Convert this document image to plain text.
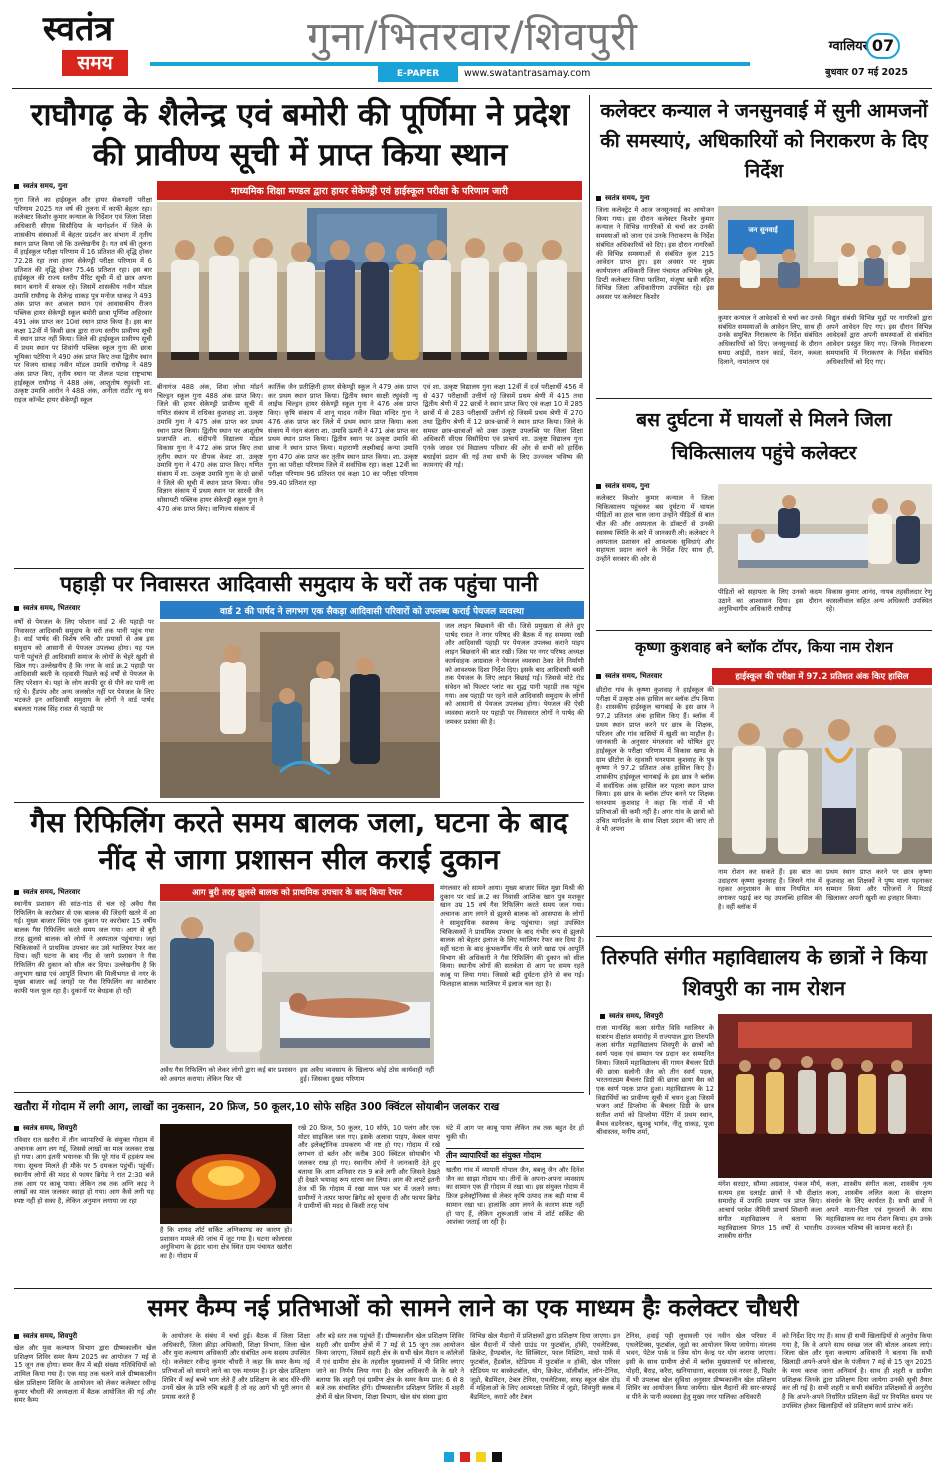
स्वतंत्र
समय
गुना/भितरवार/शिवपुरी
E-PAPER	www.swatantrasamay.com
ग्वालियर 07
बुधवार 07 मई 2025
राघौगढ़ के शैलेन्द्र एवं बमोरी की पूर्णिमा ने प्रदेश की प्रावीण्य सूची में प्राप्त किया स्थान
स्वतंत्र समय, गुना
गुना जिले का हाईस्कूल और हायर सेकण्डरी परीक्षा परिणाम 2025 गत वर्ष की तुलना में काफी बेहतर रहा। कलेक्टर किशोर कुमार कन्याल के निर्देशन एवं जिला शिक्षा अधिकारी सीएस सिसौदिया के मार्गदर्शन में जिले के शासकीय संस्थाओं में बेहतर प्रदर्शन कर संभाग में तृतीय स्थान प्राप्त किया जो कि उल्लेखनीय है। गत वर्ष की तुलना में हाईस्कूल परीक्षा परिणाम में 16 प्रतिशत की वृद्धि होकर 72.28 रहा तथा हायर सेकेण्ड्री परीक्षा परिणाम में 6 प्रतिशत की वृद्धि होकर 75.46 प्रतिशत रहा। इस बार हाईस्कूल की राज्य स्तरीय मैरिट सूची में दो छात्र अपना स्थान बनाने में सफल रहे। जिसमें शासकीय नवीन मॉडल उमावि राघौगढ़ के शैलेन्द्र धाकड़ पुत्र मनोज धाकड़ ने 493 अंक प्राप्त कर अव्वल स्थान एवं आवासकीय रीजन पब्लिक हायर सेकेण्ड्री स्कूल बमोरी छात्रा पूर्णिमा अहिरवार 491 अंक प्राप्त कर 10वां स्थान प्राप्त किया है। इस बार कक्षा 12वीं में किसी छात्र द्वारा राज्य स्तरीय प्रावीण्य सूची में स्थान प्राप्त नहीं किया। जिले की हाईस्कूल प्रावीण्य सूची में प्रथम स्थान पर शिवांगी पब्लिक स्कूल गुना की छात्रा भूमिका पटेरिया ने 490 अंक प्राप्त किए तथा द्वितीय स्थान पर विजय धाकड़ नवीन मॉडल उमावि राघौगढ़ ने 489 अंक प्राप्त किए, तृतीय स्थान पर शैलज पटवा राष्ट्रभाषा हाईस्कूल राघौगढ़ ने 488 अंक, आशुतोष रघुवंशी शा. उत्कृष्ट उमावि आरोन ने 488 अंक, अनीता राठौर न्यू सन राइज कॉन्वेंट हायर सेकेण्ड्री स्कूल
माध्यमिक शिक्षा मण्डल द्वारा हायर सेकेण्ड्री एवं हाईस्कूल परीक्षा के परिणाम जारी
बीनागंज 488 अंक, शिवा लोधा मॉडर्न चिल्ड्रन स्कूल गुना 488 अंक प्राप्त किए। जिले की हायर सेकेण्ड्री प्रावीण्य सूची में गणित संकाय में राधिका कुशवाह शा. उत्कृष्ट उमावि गुना ने 475 अंक प्राप्त कर प्रथम स्थान प्राप्त किया। द्वितीय स्थान पर आशुतोष प्रजापति शा. संदीपनी विद्यालय मॉडल विकास गुना ने 472 अंक प्राप्त किए तथा तृतीय स्थान पर दीपक केवट शा. उत्कृष्ट उमावि गुना ने 470 अंक प्राप्त किए। गणित संकाय में शा. उत्कृष्ट उमावि गुना के दो छात्रों ने जिले की सूची में स्थान प्राप्त किया। जीव विज्ञान संकाय में प्रथम स्थान पर सारवी जैन सोसायटी पब्लिक हायर सेकेण्ड्री स्कूल गुना ने 470 अंक प्राप्त किए। वाणिज्य संकाय में
कार्तिक जैन प्रतीक्षिनी हायर सेकेण्ड्री स्कूल ने 479 अंक प्राप्त कर प्रथम स्थान प्राप्त किया। द्वितीय स्थान साक्षी रघुवंशी न्यू लाईफ चिल्ड्रन हायर सेकेण्ड्री स्कूल गुना ने 476 अंक प्राप्त किए। कृषि संकाय में शानू यादव नवीन विद्या मन्दिर गुना ने 476 अंक प्राप्त कर जिले में प्रथम स्थान प्राप्त किया। कला संकाय में नंदन बंजारा शा. उमावि ऊमरी ने 471 अंक प्राप्त कर प्रथम स्थान प्राप्त किया। द्वितीय स्थान पर उत्कृष्ट उमावि की छात्रा ने स्थान प्राप्त किया। महाराणी लक्ष्मीबाई कन्या उमावि गुना 470 अंक प्राप्त कर तृतीय स्थान प्राप्त किया। शा. उत्कृष्ट गुना का परीक्षा परिणाम जिले में सर्वाधिक रहा। कक्षा 12वीं का परीक्षा परिणाम 96 प्रतिशत एवं कक्षा 10 का परीक्षा परिणाम 99.40 प्रतिशत रहा
एवं शा. उत्कृष्ट विद्यालय गुना कक्षा 12वीं में दर्ज परीक्षार्थी 456 में से 437 परीक्षार्थी उत्तीर्ण रहे जिसमें प्रथम श्रेणी में 415 तथा द्वितीय श्रेणी में 22 छात्रों ने स्थान प्राप्त किए एवं कक्षा 10 में 285 छात्रों में से 283 परीक्षार्थी उत्तीर्ण रहे जिसमें प्रथम श्रेणी में 270 तथा द्वितीय श्रेणी में 12 छात्र-छात्रों ने स्थान प्राप्त किया। जिले के समस्त छात्र-छात्राओं को उक्त उत्कृष्ट उपलब्धि पर जिला शिक्षा अधिकारी सीएस सिसौदिया एवं प्राचार्य शा. उत्कृष्ट विद्यालय गुना एनके जादव एवं विद्यालय परिवार की ओर से सभी को हार्दिक बधाईयां प्रदान की गई तथा सभी के लिए उज्ज्वल भविष्य की कामनाएं की गई।
कलेक्टर कन्याल ने जनसुनवाई में सुनी आमजनों की समस्याएं, अधिकारियों को निराकरण के दिए निर्देश
स्वतंत्र समय, गुना
जिला कलेक्ट्रेट में आज जनसुनवाई का आयोजन किया गया। इस दौरान कलेक्टर किशोर कुमार कन्याल ने विभिन्न नागरिकों से चर्चा कर उनकी समस्याओं को जाना एवं उनके निराकरण के निर्देश संबंधित अधिकारियों को दिए। इस दौरान नागरिकों की विभिन्न समस्याओं से संबंधित कुल 215 आवेदन प्राप्त हुए। इस अवसर पर मुख्य कार्यपालन अधिकारी जिला पंचायत अभिषेक दुबे, डिप्टी कलेक्टर जिया फातिमा, मंजूषा खत्री सहित विभिन्न जिला अधिकारीगण उपस्थित रहे। इस अवसर पर कलेक्टर किशोर
जन सुनवाई
कुमार कन्याल ने आवेदकों से चर्चा कर उनसे संबंधित समस्याओं के आवेदन लिए, साथ ही उनके समुचित निराकरण के निर्देश संबंधित अधिकारियों को दिए। जनसुनवाई के दौरान समग्र आईडी, राशन कार्ड, पेंशन, कब्जा दिलाने, नामांतरण एवं
विद्युत संबंधी विभिन्न मुद्दों पर नागरिकों द्वारा अपने आवेदन दिए गए। इस दौरान विभिन्न आवेदकों द्वारा अपनी समस्याओं से संबंधित आवेदन प्रस्तुत किए गए। जिनके निराकरण समयावधि में निराकरण के निर्देश संबंधित अधिकारियों को दिए गए।
बस दुर्घटना में घायलों से मिलने जिला चिकित्सालय पहुंचे कलेक्टर
स्वतंत्र समय, गुना
कलेक्टर किशोर कुमार कन्याल ने जिला चिकित्सालय पहुंचकर बस दुर्घटना में घायल पीड़ितों का हाल चाल जाना उन्होंने पीड़ितों से बात चीत की और अस्पताल के डॉक्टरों से उनकी स्वास्थ्य स्थिति के बारे में जानकारी ली। कलेक्टर ने अस्पताल प्रशासन को आवश्यक सुविधाएं और सहायता प्रदान करने के निर्देश दिए साथ ही, उन्होंने सरकार की ओर से
पीड़ितों को सहायता के लिए उनको कदम उठाने का आश्वासन दिया। इस दौरान अनुविभागीय अधिकारी राघौगढ़
विकास कुमार आनंद, नायब तहसीलदार रेणु कासलीवाल सहित अन्य अधिकारी उपस्थित रहे।
पहाड़ी पर निवासरत आदिवासी समुदाय के घरों तक पहुंचा पानी
स्वतंत्र समय, भितरवार	वार्ड 2 की पार्षद ने लगभग एक सैकड़ा आदिवासी परिवारों को उपलब्ध कराई पेयजल व्यवस्था
वर्षों से पेयजल के लिए परेशान वार्ड 2 की पहाड़ी पर निवासरत आदिवासी समुदाय के घरों तक पानी पहुंच गया है। वार्ड पार्षद की विशेष रुचि और प्रयासों से अब इस समुदाय को आसानी से पेयजल उपलब्ध होगा। यह पल पानी पहुंचते ही आदिवासी समाज के लोगों के चेहरे खुशी से खिल गए। उल्लेखनीय है कि नगर के वार्ड क्र.2 पहाड़ी पर आदिवासी बस्ती के रहवासी पिछले कई वर्षों से पेयजल के लिए परेशान थे। यहां के लोग काफी दूर से पीने का पानी ला रहे थे। हैंडपंप और अन्य जलस्रोत नहीं पर पेयजल के लिए भटकते इन आदिवासी समुदाय के लोगों ने वार्ड पार्षद बबलता गजब सिंह रावत से पहाड़ी पर
जल लाइन बिछवाने की थी। जिसे प्रमुखता से लेते हुए पार्षद रावत ने नगर परिषद की बैठक में यह समस्या रखी और आदिवासी पहाड़ी पर पेयजल उपलब्ध कराने पाइप लाइन बिछवाने की बात रखी। जिस पर नगर परिषद अध्यक्ष कार्यवाहक आग्रवाल ने पेयजल व्यवस्था ठेका देने निर्माणी को आवश्यक दिशा निर्देश दिए। इसके बाद आदिवासी बस्ती तक पेयजल के लिए लाइन बिछाई गई। जिससे मोटे रोड संवेदन को फिल्टर प्लांट का शुद्ध पानी पहाड़ी तक पहुंच गया। अब पहाड़ी पर रहने वाले आदिवासी समुदाय के लोगों को आसानी से पेयजल उपलब्ध होगा। पेयजल की ऐसी व्यवस्था कराने पर पहाड़ी पर निवासरत लोगों ने पार्षद की जमकर प्रशंसा की है।
कृष्णा कुशवाह बने ब्लॉक टॉपर, किया नाम रोशन
स्वतंत्र समय, भितरवार	हाईस्कूल की परीक्षा में 97.2 प्रतिशत अंक किए हासिल
छीटोरा गांव के कृष्णा कुशवाह ने हाईस्कूल की परीक्षा में उत्कृष्ट अंक हासिल कर ब्लॉक टॉप किया है। शासकीय हाईस्कूल चागबाई के इस छात्र ने 97.2 प्रतिशत अंक हासिल किए हैं। ब्लॉक में प्रथम स्थान प्राप्त करने पर छात्र के शिक्षक, परिजन और गांव वासियों में खुशी का माहौल है। जानकारी के अनुसार मंगलवार को घोषित हुए हाईस्कूल के परीक्षा परिणाम में विकास खण्ड के ग्राम छीटोरा के रहवासी घनश्याम कुशवाह के पुत्र कृष्णा ने 97.2 प्रतिशत अंक हासिल किए हैं। शासकीय हाईस्कूल चागबाई के इस छात्र ने ब्लॉक में सर्वाधिक अंक हासिल कर पहला स्थान प्राप्त किया। इस छात्र के ब्लॉक टॉपर बनने पर शिक्षक घनश्याम कुशवाह ने कहा कि गांवों में भी प्रतिभाओं की कमी नहीं है। अगर गांव के छात्रों को उचित मार्गदर्शन के साथ शिक्षा प्रदान की जाए तो वे भी अपना
नाम रोशन कर सकते हैं। इस बात का उदाहरण कृष्णा कुशवाह है। जिसने गांव में रहकर अनुशासन के साथ नियमित मन लगाकर पढ़ाई कर यह उपलब्धि हासिल की है। वहीं ब्लॉक में
प्रथम स्थान प्राप्त करने पर छात्र कृष्णा कुशवाह का शिक्षकों ने पुष्प माला पहनाकर सम्मान किया और परिजनों ने मिठाई खिलाकर अपनी खुशी का इजहार किया।
गैस रिफिलिंग करते समय बालक जला, घटना के बाद नींद से जागा प्रशासन सील कराई दुकान
स्वतंत्र समय, भितरवार
स्थानीय प्रशासन की सांठ-गांठ से चल रहे अवैध गैस रिफिलिंग के कारोबार से एक बालक की जिंदगी खतरे में आ गई। मुख्य बाजार स्थित एक दुकान पर कारोबार 15 वर्षीय बालक गैस रिफिलिंग करते समय जल गया। आग से बुरी तरह झुलसे बालक को लोगों ने अस्पताल पहुंचाया। जहां चिकित्सकों ने प्राथमिक उपचार कर उसे ग्वालियर रेफर कर दिया। वहीं घटना के बाद नींद से जागे प्रशासन ने गैस रिफिलिंग की दुकान को सील कर दिया। उल्लेखनीय है कि अनुभाग खाद्य एवं आपूर्ति विभाग की मिलीभगत से नगर के मुख्य बाजार कई जगहों पर गैस रिफिलिंग का कारोबार काफी फल फूल रहा है। दुकानों पर बेधड़क हो रही
आग बुरी तरह झुलसे बालक को प्राथमिक उपचार के बाद किया रेफर
अवैध गैस रिफिलिंग को लेकर लोगों द्वारा कई बार प्रशासन को अवगत कराया। लेकिन फिर भी
इस अवैध व्यवसाय के खिलाफ कोई ठोस कार्यवाही नहीं हुई। जिसका दुखद परिणाम
मंगलवार को सामने आया। मुख्य बाजार स्थित मुन्ना मिश्री की दुकान पर वार्ड क्र.2 का निवासी आशिक खान पुत्र मशकूर खान उम्र 15 वर्ष गैस रिफिलिंग करते समय जल गया। अचानक आग लगने से झुलसे बालक को आसपास के लोगों ने सामुदायिक स्वास्थ्य केन्द्र पहुंचाया। जहां उपस्थित चिकित्सकों ने प्राथमिक उपचार के बाद गंभीर रूप से झुलसे बालक को बेहतर इलाज के लिए ग्वालियर रेफर कर दिया है। वहीं घटना के बाद कुंभकर्णीय नींद से जागे खाद्य एवं आपूर्ति विभाग की अधिकारी ने गैस रिफिलिंग की दुकान को सील किया। स्थानीय लोगों की सतर्कता से आग पर समय रहते काबू पा लिया गया। जिससे बड़ी दुर्घटना होने से बच गई। फिलहाल बालक ग्वालियर में इलाज चल रहा है।
तिरुपति संगीत महाविद्यालय के छात्रों ने किया शिवपुरी का नाम रोशन
स्वतंत्र समय, शिवपुरी
राजा मानसिंह कला संगीत विवि ग्वालियर के सत्रारंभ दीक्षांत समारोह में राज्यपाल द्वारा तिरुपति कला संगीत महाविद्यालय शिवपुरी के छात्रों को स्वर्ण पदक एवं सम्मान पत्र प्रदान कर सम्मानित किया। जिसमें महाविद्यालय की गायन बैचलर डिग्री की छात्रा सलोनी जैन को तीन स्वर्ण पदक, भरतनाट्यम बैचलर डिग्री की छात्रा छाया बैस को एक स्वर्ण पदक प्राप्त हुआ। महाविद्यालय के 12 विद्यार्थियों का प्रावीण्य सूची में चयन हुआ जिसमें भजन आर्ट डिप्लोमा के बैचलर डिग्री के छात्र सतीश शर्मा को डिप्लोमा पेंटिंग में प्रथम स्थान, बैभव वडनेरकर, खुशबु भार्गव, नीतू धाकड़, पूजा श्रीवास्तव, मनीष शर्मा,
मंगेश सरदार, सौम्या अग्रवाल, पंकज मौर्य, सत्यम हस दलाईट छात्रों ने भी दीक्षांत समारोह में उपाधि प्रमाण पत्र प्राप्त किए। आचार्य परवेश जैमिनी प्राचार्य शिवानी कला संगीत महाविद्यालय ने बताया कि महाविद्यालय विगत 15 वर्षों से भारतीय शास्त्रीय संगीत
कला, शास्त्रीय संगीत कला, शास्त्रीय नृत्य कला, शास्त्रीय ललित कला के संरक्षण संवर्धन के लिए कार्यरत है। सभी छात्रों ने अपने माता-पिता एवं गुरुजनों के साथ महाविद्यालय का नाम रोशन किया। हम उनके उज्ज्वल भविष्य की कामना करते हैं।
खतौरा में गोदाम में लगी आग, लाखों का नुकसान, 20 फ्रिज, 50 कूलर,10 सोफे सहित 300 क्विंटल सोयाबीन जलकर राख
स्वतंत्र समय, शिवपुरी
रविवार रात खतौरा में तीन व्यापारियों के संयुक्त गोदाम में अचानक आग लग गई, जिससे लाखों का माल जलकर राख हो गया। आग इतनी भयानक थी कि पूरे गांव में हड़कंप मच गया। सूचना मिलते ही मौके पर 5 दमकल पहुंचीं। पहुंचीं। स्थानीय लोगों की मदद से फायर ब्रिगेड ने रात 2:30 बजे तक आग पर काबू पाया। लेकिन तब तक अग्नि काड़ ने लाखों का माल जलकर स्वाहा हो गया। आग कैसे लगी यह स्पष्ट नहीं हो सका है, लेकिन अनुमान लगाया जा रहा
है कि शायद शॉर्ट सर्किट अग्निकाण्ड का कारण हो। प्रशासन मामले की जांच में जुट गया है। घटना कोलारस अनुविभाग के इंदार थाना क्षेत्र स्थित ग्राम पंचायत खतौरा का है। गोदाम में
रखे 20 फ्रिज, 50 कूलर, 10 सोफे, 10 पलंग और एक मोटर साइकिल जल गए। इसके अलावा पाइप, केबल वायर और इलेक्ट्रॉनिक उपकरण भी नष्ट हो गए। गोदाम में रखे लगभग दो बर्तन और करीब 300 क्विंटल सोयाबीन भी जलकर राख हो गए। स्थानीय लोगों ने जानकारी देते हुए बताया कि आग शनिवार रात 9 बजे लगी और जिसने देखते ही देखते भयावह रूप धारण कर लिया। आग की लपटें इतनी तेज थीं कि गोदाम में रखा माल पल भर में जलने लगा। ग्रामीणों ने तत्पर फायर ब्रिगेड को सूचना दी और फायर ब्रिगेड ने ग्रामीणों की मदद से किसी तरह पांच
घंटे में आग पर काबू पाया लेकिन तब तक बहुत देर हो चुकी थी।
तीन व्यापारियों का संयुक्त गोदाम
खतौरा गांव में व्यापारी गोपाल जैन, बबलू जैन और दिनेश जैन का साझा गोदाम था। तीनों के अपना-अपना व्यवसाय का सामान एक ही गोदाम में रखा था। इस संयुक्त गोदाम में फ्रिज इलेक्ट्रॉनिक्स से लेकर कृषि उत्पाद तक बड़ी मात्रा में सामान रखा था। हालांकि आग लगने के कारण स्पष्ट नहीं हो पाए हैं, लेकिन शुरूआती जांच में शॉर्ट सर्किट की आशंका जताई जा रही है।
समर कैम्प नई प्रतिभाओं को सामने लाने का एक माध्यम हैः कलेक्टर चौधरी
स्वतंत्र समय, शिवपुरी
खेल और युवा कल्याण विभाग द्वारा ग्रीष्मकालीन खेल प्रशिक्षण शिविर समर कैम्प 2025 का आयोजन 7 मई से 15 जून तक होगा। समर कैंप में बड़ी संख्या गतिविधियों को शामिल किया गया है। एक माह तक चलने वाले ग्रीष्मकालीन खेल प्रशिक्षण शिविर के आयोजन को लेकर कलेक्टर रवीन्द्र कुमार चौधरी की अध्यक्षता में बैठक आयोजित की गई और समर कैम्प
के आयोजन के संबंध में चर्चा हुई। बैठक में जिला शिक्षा अधिकारी, जिला क्रीड़ा अधिकारी, शिक्षा विभाग, जिला खेल और युवा कल्याण अधिकारी और संबंधित अन्य सदस्य उपस्थित रहे। कलेक्टर रवीन्द्र कुमार चौधरी ने कहा कि समर कैम्प नई प्रतिभाओं को सामने लाने का एक माध्यम है। इन खेल प्रशिक्षण शिविर में कई बच्चे भाग लेते हैं और प्रशिक्षण के बाद धीरे-धीरे उनमें खेल के प्रति रुचि बढ़ती है तो वह आगे भी पूरी लगन से प्रयास करते हैं
और बड़े स्तर तक पहुंचते हैं। ग्रीष्मकालीन खेल प्रशिक्षण शिविर सहरी और ग्रामीण क्षेत्रों में 7 मई से 15 जून तक आयोजन किया जाएगा, जिसमें सहरी क्षेत्र के सभी खेल मैदान व कॉलेजों में एवं ग्रामीण क्षेत्र के तहसील मुख्यालयों में भी शिविर लगाए जाने का निर्णय लिया गया है। खेल अधिकारी के के खरे ने बताया कि शहरी एवं ग्रामीण क्षेत्र के समर कैम्प प्रात: 6 से 8 बजे तक संचालित होंगे। ग्रीष्मकालीन प्रशिक्षण शिविर में शहरी क्षेत्रों में खेल विभाग, शिक्षा विभाग, खेल संघ संस्था द्वारा
विभिन्न खेल मैदानों में प्रशिक्षकों द्वारा प्रशिक्षण दिया जाएगा। इन खेल मैदानों में पोलो ग्राउंड पर फुटबॉल, हॉकी, एथलेटिक्स, क्रिकेट, हैण्डबॉल, नेट सिक्विटर, फाल मिस्टिग, माधो पार्क में फुटबॉल, हैंडबॉल, स्टेडियम में फुटबॉल व हॉकी, खेल परिसर स्टेडियम पर बास्केटबॉल, योग, क्रिकेट, वॉलीबॉल, लॉन-टेनिस, जूडो, बैडमिंटन, टेबल टेनिस, एथलेटिक्स, सत्रह स्कूल खेल दोड़ में महिलाओं के लिए आत्मरक्षा शिविर में जूडो, शिवपुरी क्लब में बैडमिंटन, कराटे और टेबल
टेनिस, हवाई पट्टी लुधावली एवं नवीन खेल परिसर में एथलेटिक्स, फुटबॉल, जूडो का आयोजन किया जायेगा। मंगलम भवन, पेटेल पार्क व जिम योग केन्द्र पर योग कराया जाएगा। इसी के साथ ग्रामीण क्षेत्रों में ब्लॉक मुख्यालयों पर कोलारस, पोहरी, बैराड़, करैरा, खनियाधाना, बदरवास एवं नरवर हैं, पिछोर में भी उपलब्ध खेल सुविधा अनुसार प्रीष्मकालीन खेल प्रशिक्षण शिविर का आयोजन किया जायेगा। खेल मैदानों की सार-सफाई व पीने के पानी व्यवस्था हेतु मुख्य नगर पालिका अधिकारी
को निर्देश दिए गए हैं। साथ ही सभी खिलाड़ियों से अनुरोध किया गया है, कि वे अपने साथ स्वच्छ जल की बोतल अवश्य लाएं। जिला खेल और युवा कल्याण अधिकारी ने बताया कि सभी खिलाड़ी अपने-अपने खेल के पंजीयन 7 मई से 15 जून 2025 के मध्य करवा जाना अनिवार्य है। साथ ही शहरी व ग्रामीण प्रशिक्षक जिनके द्वारा प्रशिक्षण दिया जायेगा उनकी सूची तैयार कर ली गई है। सभी शहरी व सभी संबंधित प्रशिक्षकों से अनुरोध है कि अपने-अपने निर्धारित प्रशिक्षण केंद्रों पर नियमित समय पर उपस्थित होकर खिलाड़ियों को प्रशिक्षण कार्य प्रारंभ करें।
